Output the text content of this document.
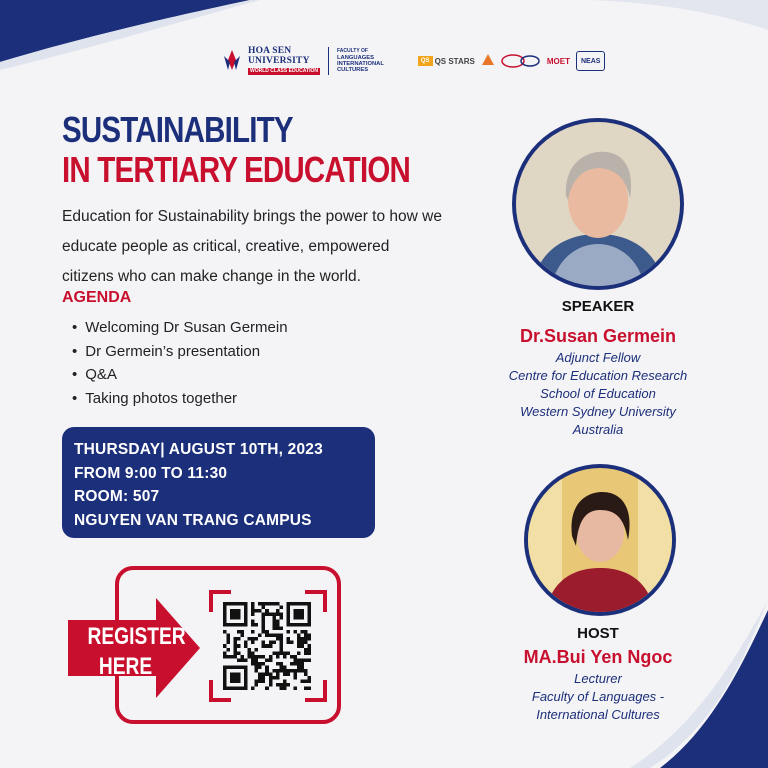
HOA SEN
UNIVERSITY
WORLD CLASS EDUCATION
FACULTY OF
LANGUAGES
INTERNATIONAL
CULTURES
QS QS STARS	MOET	NEAS
SUSTAINABILITY
IN TERTIARY EDUCATION
Education for Sustainability brings the power to how we educate people as critical, creative, empowered citizens who can make change in the world.
AGENDA
• Welcoming Dr Susan Germein
• Dr Germein’s presentation
• Q&A
• Taking photos together
THURSDAY| AUGUST 10TH, 2023
FROM 9:00 TO 11:30
ROOM: 507
NGUYEN VAN TRANG CAMPUS
REGISTER
HERE
SPEAKER
Dr.Susan Germein
Adjunct Fellow
Centre for Education Research
School of Education
Western Sydney University
Australia
HOST
MA.Bui Yen Ngoc
Lecturer
Faculty of Languages -
International Cultures
